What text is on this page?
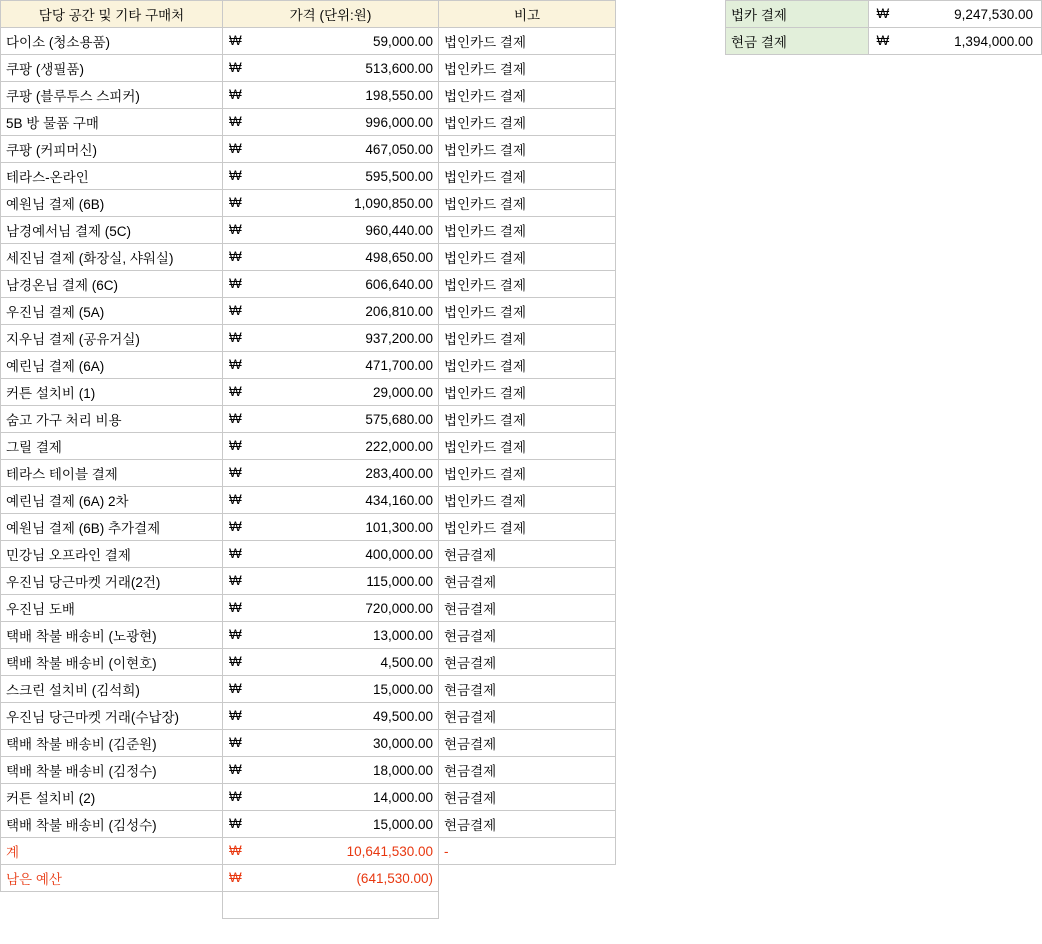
담당 공간 및 기타 구매처	가격 (단위:원)	비고
다이소 (청소용품)	₩ 59,000.00	법인카드 결제
쿠팡 (생필품)	₩ 513,600.00	법인카드 결제
쿠팡 (블루투스 스피커)	₩ 198,550.00	법인카드 결제
5B 방 물품 구매	₩ 996,000.00	법인카드 결제
쿠팡 (커피머신)	₩ 467,050.00	법인카드 결제
테라스-온라인	₩ 595,500.00	법인카드 결제
예원님 결제 (6B)	₩ 1,090,850.00	법인카드 결제
남경예서님 결제 (5C)	₩ 960,440.00	법인카드 결제
세진님 결제 (화장실, 샤워실)	₩ 498,650.00	법인카드 결제
남경온님 결제 (6C)	₩ 606,640.00	법인카드 결제
우진님 결제 (5A)	₩ 206,810.00	법인카드 결제
지우님 결제 (공유거실)	₩ 937,200.00	법인카드 결제
예린님 결제 (6A)	₩ 471,700.00	법인카드 결제
커튼 설치비 (1)	₩ 29,000.00	법인카드 결제
숨고 가구 처리 비용	₩ 575,680.00	법인카드 결제
그릴 결제	₩ 222,000.00	법인카드 결제
테라스 테이블 결제	₩ 283,400.00	법인카드 결제
예린님 결제 (6A) 2차	₩ 434,160.00	법인카드 결제
예원님 결제 (6B) 추가결제	₩ 101,300.00	법인카드 결제
민강님 오프라인 결제	₩ 400,000.00	현금결제
우진님 당근마켓 거래(2건)	₩ 115,000.00	현금결제
우진님 도배	₩ 720,000.00	현금결제
택배 착불 배송비 (노광현)	₩ 13,000.00	현금결제
택배 착불 배송비 (이현호)	₩ 4,500.00	현금결제
스크린 설치비 (김석희)	₩ 15,000.00	현금결제
우진님 당근마켓 거래(수납장)	₩ 49,500.00	현금결제
택배 착불 배송비 (김준원)	₩ 30,000.00	현금결제
택배 착불 배송비 (김정수)	₩ 18,000.00	현금결제
커튼 설치비 (2)	₩ 14,000.00	현금결제
택배 착불 배송비 (김성수)	₩ 15,000.00	현금결제
계	₩ 10,641,530.00	-
남은 예산	₩ (641,530.00)	

법카 결제	₩ 9,247,530.00
현금 결제	₩ 1,394,000.00
